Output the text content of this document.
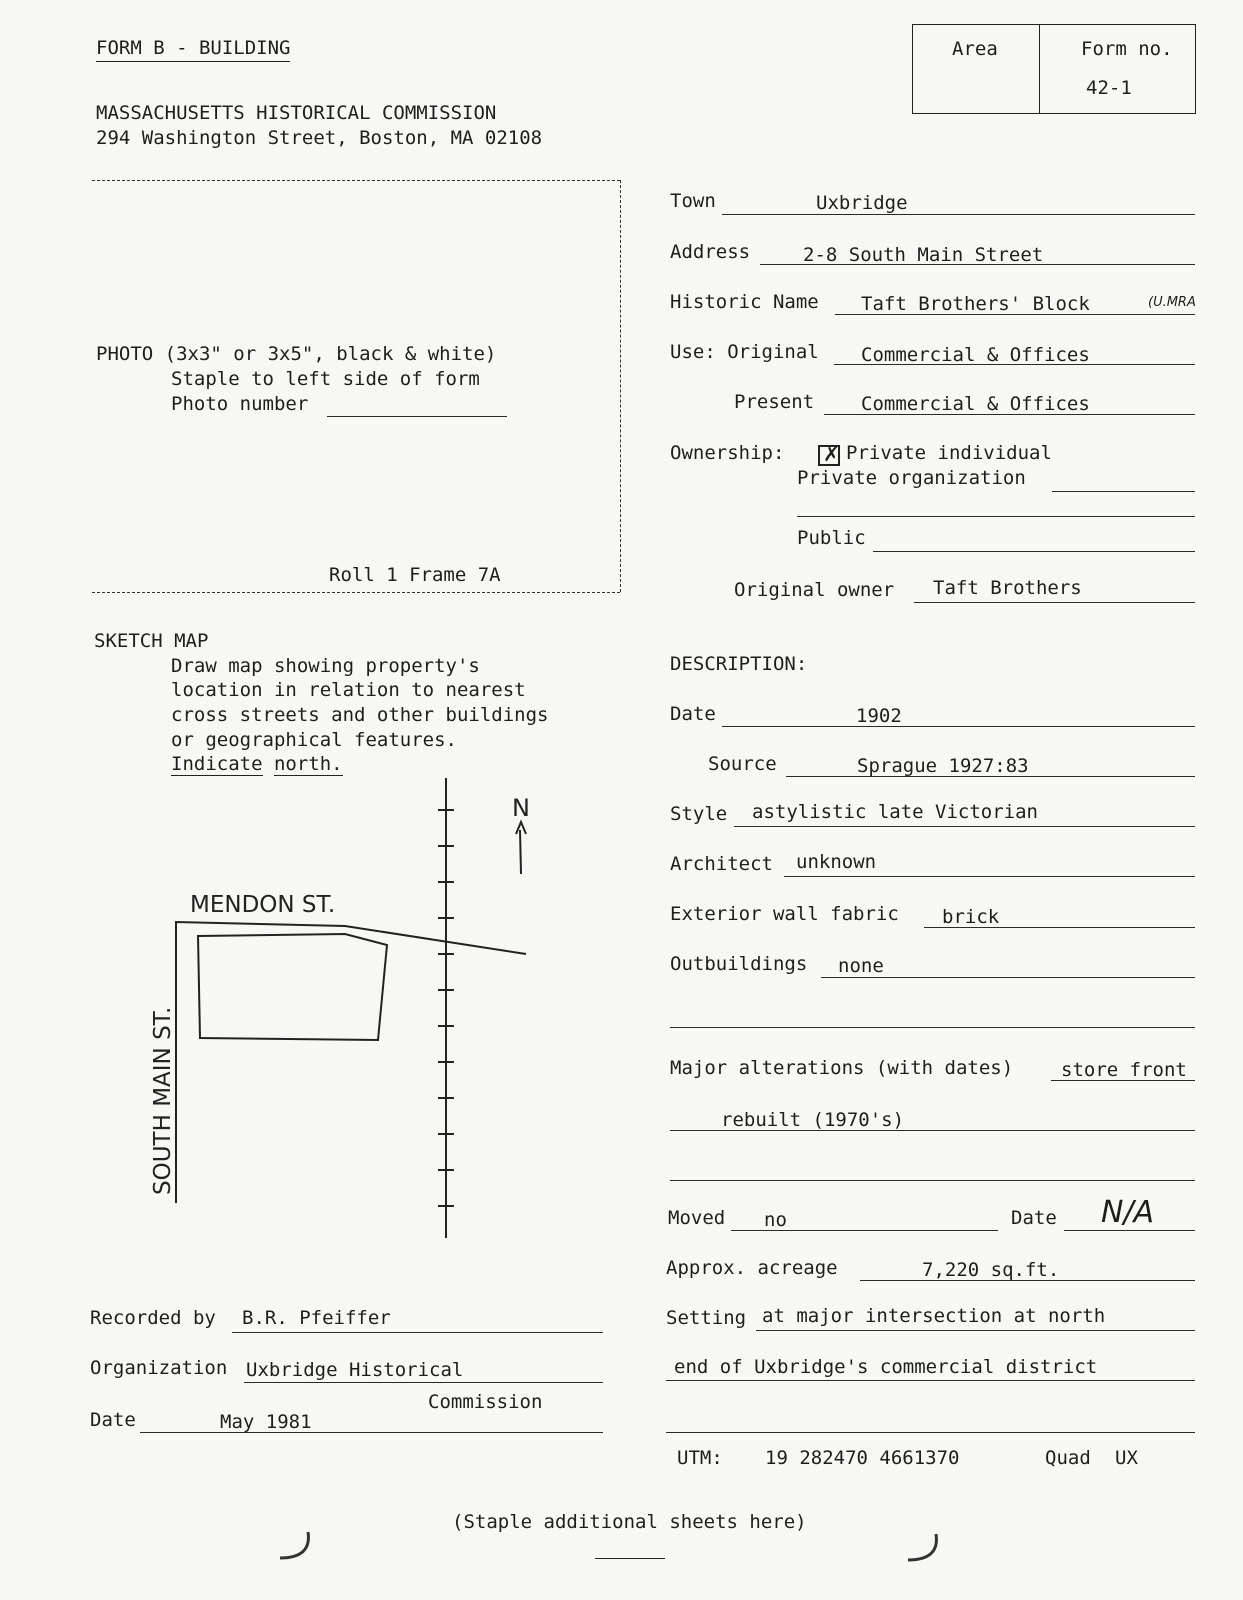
FORM B - BUILDING
MASSACHUSETTS HISTORICAL COMMISSION
294 Washington Street, Boston, MA 02108
Area	Form no.
42-1
PHOTO (3x3" or 3x5", black & white)
Staple to left side of form
Photo number
Roll 1 Frame 7A
SKETCH MAP
Draw map showing property's
location in relation to nearest
cross streets and other buildings
or geographical features.
Indicate north.
N
MENDON ST.
SOUTH MAIN ST.
Town	Uxbridge
Address	2-8 South Main Street
Historic Name Taft Brothers' Block	(U.MRA
Use: Original Commercial & Offices
Present Commercial & Offices
Ownership: ✗ Private individual
Private organization
Public
Original owner Taft Brothers
DESCRIPTION:
Date	1902
Source	Sprague 1927:83
Style astylistic late Victorian
Architect unknown
Exterior wall fabric brick
Outbuildings none
Major alterations (with dates)	store front
rebuilt (1970's)
Moved no	Date N/A
Approx. acreage	7,220 sq.ft.
Setting at major intersection at north
end of Uxbridge's commercial district
UTM: 19 282470 4661370	Quad UX
Recorded by B.R. Pfeiffer
Organization Uxbridge Historical
Commission
Date	May 1981
(Staple additional sheets here)
